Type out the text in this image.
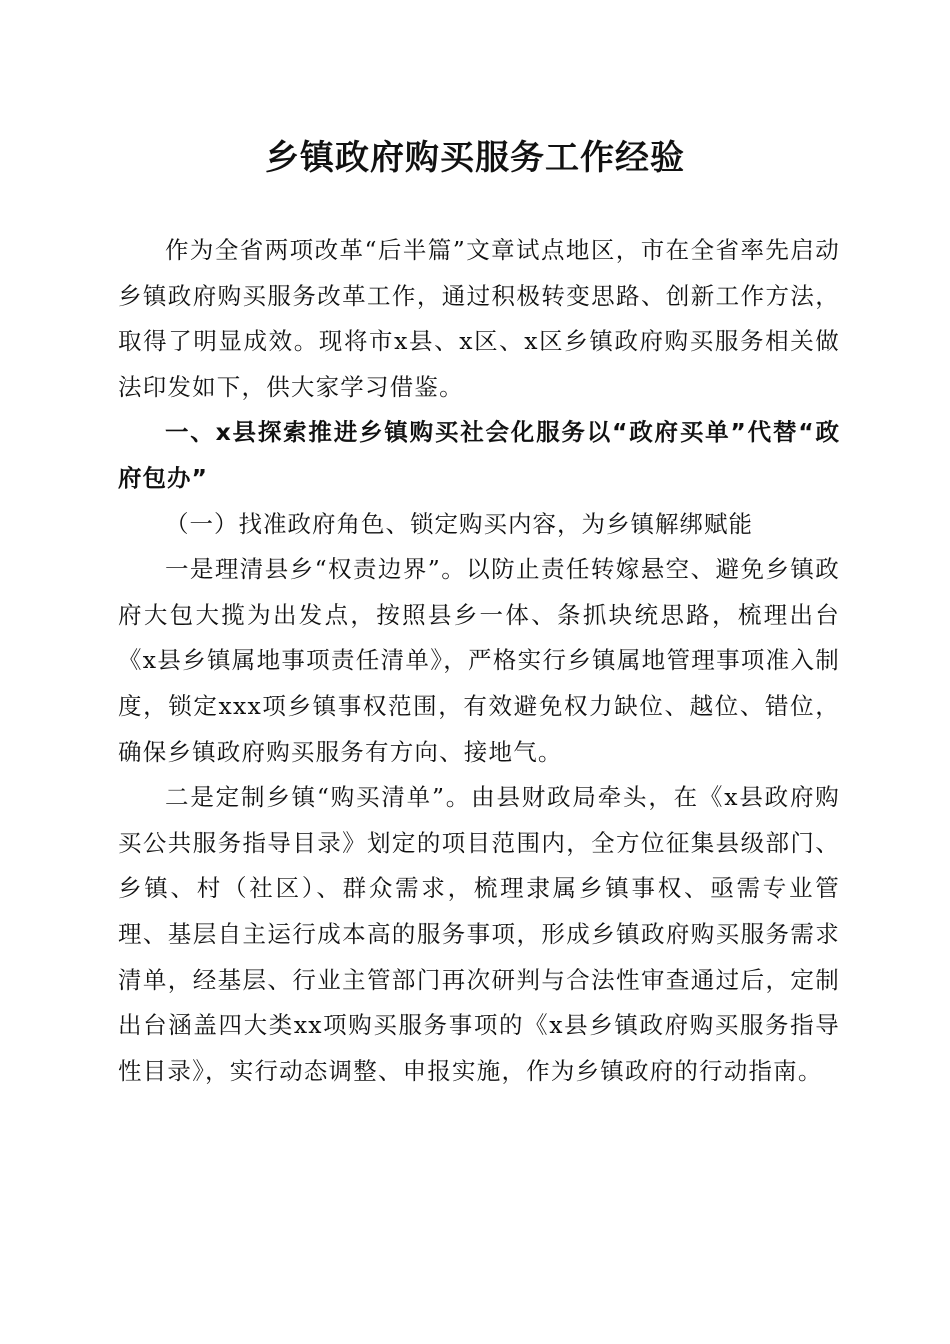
乡镇政府购买服务工作经验

作为全省两项改革“后半篇”文章试点地区，市在全省率先启动乡镇政府购买服务改革工作，通过积极转变思路、创新工作方法，取得了明显成效。现将市x县、x区、x区乡镇政府购买服务相关做法印发如下，供大家学习借鉴。

一、x县探索推进乡镇购买社会化服务以“政府买单”代替“政府包办”

（一）找准政府角色、锁定购买内容，为乡镇解绑赋能

一是理清县乡“权责边界”。以防止责任转嫁悬空、避免乡镇政府大包大揽为出发点，按照县乡一体、条抓块统思路，梳理出台《x县乡镇属地事项责任清单》，严格实行乡镇属地管理事项准入制度，锁定xxx项乡镇事权范围，有效避免权力缺位、越位、错位，确保乡镇政府购买服务有方向、接地气。

二是定制乡镇“购买清单”。由县财政局牵头，在《x县政府购买公共服务指导目录》划定的项目范围内，全方位征集县级部门、乡镇、村（社区）、群众需求，梳理隶属乡镇事权、亟需专业管理、基层自主运行成本高的服务事项，形成乡镇政府购买服务需求清单，经基层、行业主管部门再次研判与合法性审查通过后，定制出台涵盖四大类xx项购买服务事项的《x县乡镇政府购买服务指导性目录》，实行动态调整、申报实施，作为乡镇政府的行动指南。
